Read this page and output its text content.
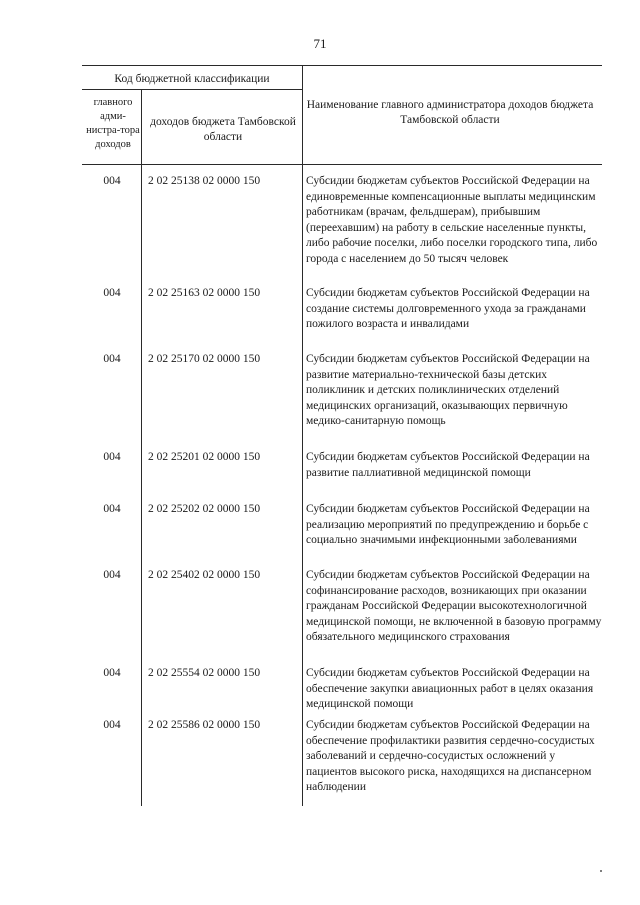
71
Код бюджетной классификации
главного адми-нистра-тора доходов
доходов бюджета Тамбовской области
Наименование главного администратора доходов бюджета Тамбовской области
004	2 02 25138 02 0000 150	Субсидии бюджетам субъектов Российской Федерации на единовременные компенсационные выплаты медицинским работникам (врачам, фельдшерам), прибывшим (переехавшим) на работу в сельские населенные пункты, либо рабочие поселки, либо поселки городского типа, либо города с населением до 50 тысяч человек
004	2 02 25163 02 0000 150	Субсидии бюджетам субъектов Российской Федерации на создание системы долговременного ухода за гражданами пожилого возраста и инвалидами
004	2 02 25170 02 0000 150	Субсидии бюджетам субъектов Российской Федерации на развитие материально-технической базы детских поликлиник и детских поликлинических отделений медицинских организаций, оказывающих первичную медико-санитарную помощь
004	2 02 25201 02 0000 150	Субсидии бюджетам субъектов Российской Федерации на развитие паллиативной медицинской помощи
004	2 02 25202 02 0000 150	Субсидии бюджетам субъектов Российской Федерации на реализацию мероприятий по предупреждению и борьбе с социально значимыми инфекционными заболеваниями
004	2 02 25402 02 0000 150	Субсидии бюджетам субъектов Российской Федерации на софинансирование расходов, возникающих при оказании гражданам Российской Федерации высокотехнологичной медицинской помощи, не включенной в базовую программу обязательного медицинского страхования
004	2 02 25554 02 0000 150	Субсидии бюджетам субъектов Российской Федерации на обеспечение закупки авиационных работ в целях оказания медицинской помощи
004	2 02 25586 02 0000 150	Субсидии бюджетам субъектов Российской Федерации на обеспечение профилактики развития сердечно-сосудистых заболеваний и сердечно-сосудистых осложнений у пациентов высокого риска, находящихся на диспансерном наблюдении
